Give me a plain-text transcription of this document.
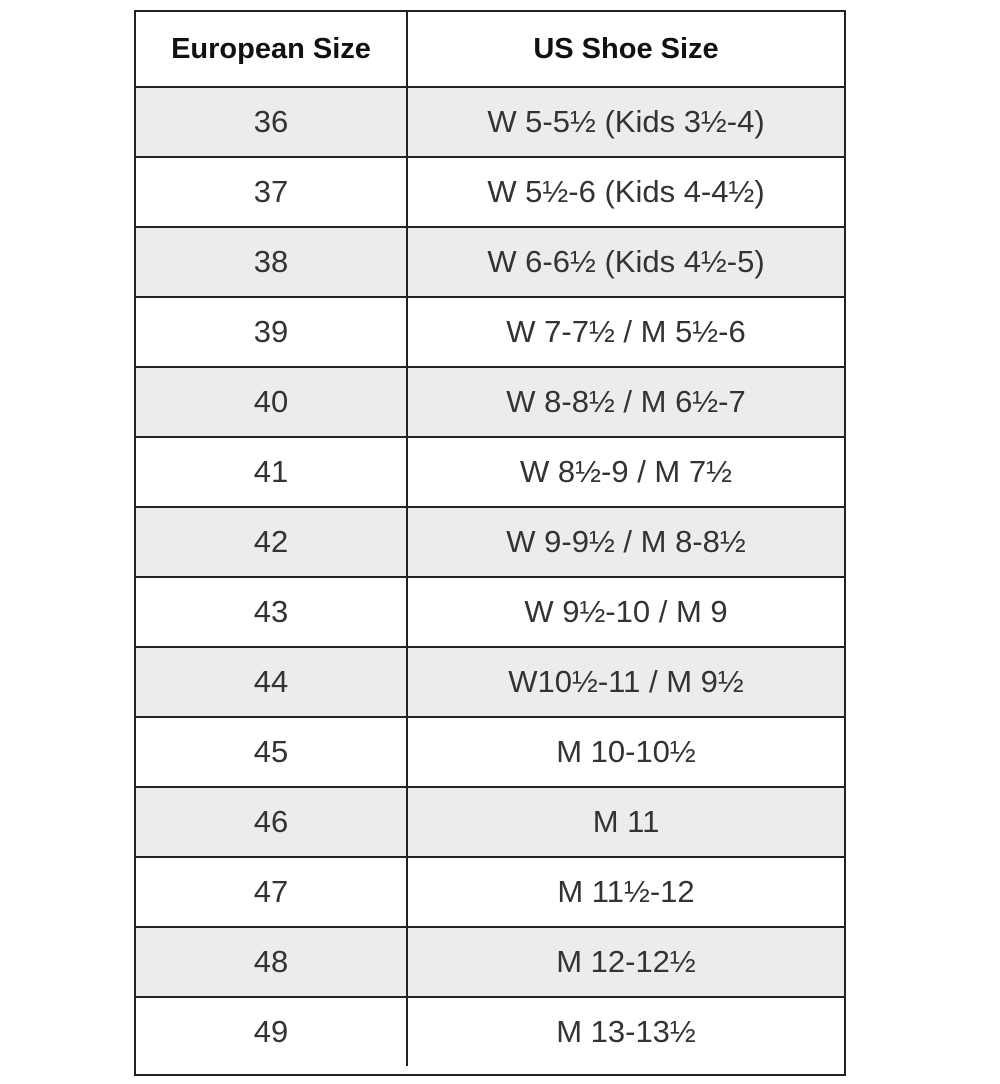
European Size	US Shoe Size
36	W 5-5½ (Kids 3½-4)
37	W 5½-6 (Kids 4-4½)
38	W 6-6½ (Kids 4½-5)
39	W 7-7½ / M 5½-6
40	W 8-8½ / M 6½-7
41	W 8½-9 / M 7½
42	W 9-9½ / M 8-8½
43	W 9½-10 / M 9
44	W10½-11 / M 9½
45	M 10-10½
46	M 11
47	M 11½-12
48	M 12-12½
49	M 13-13½
